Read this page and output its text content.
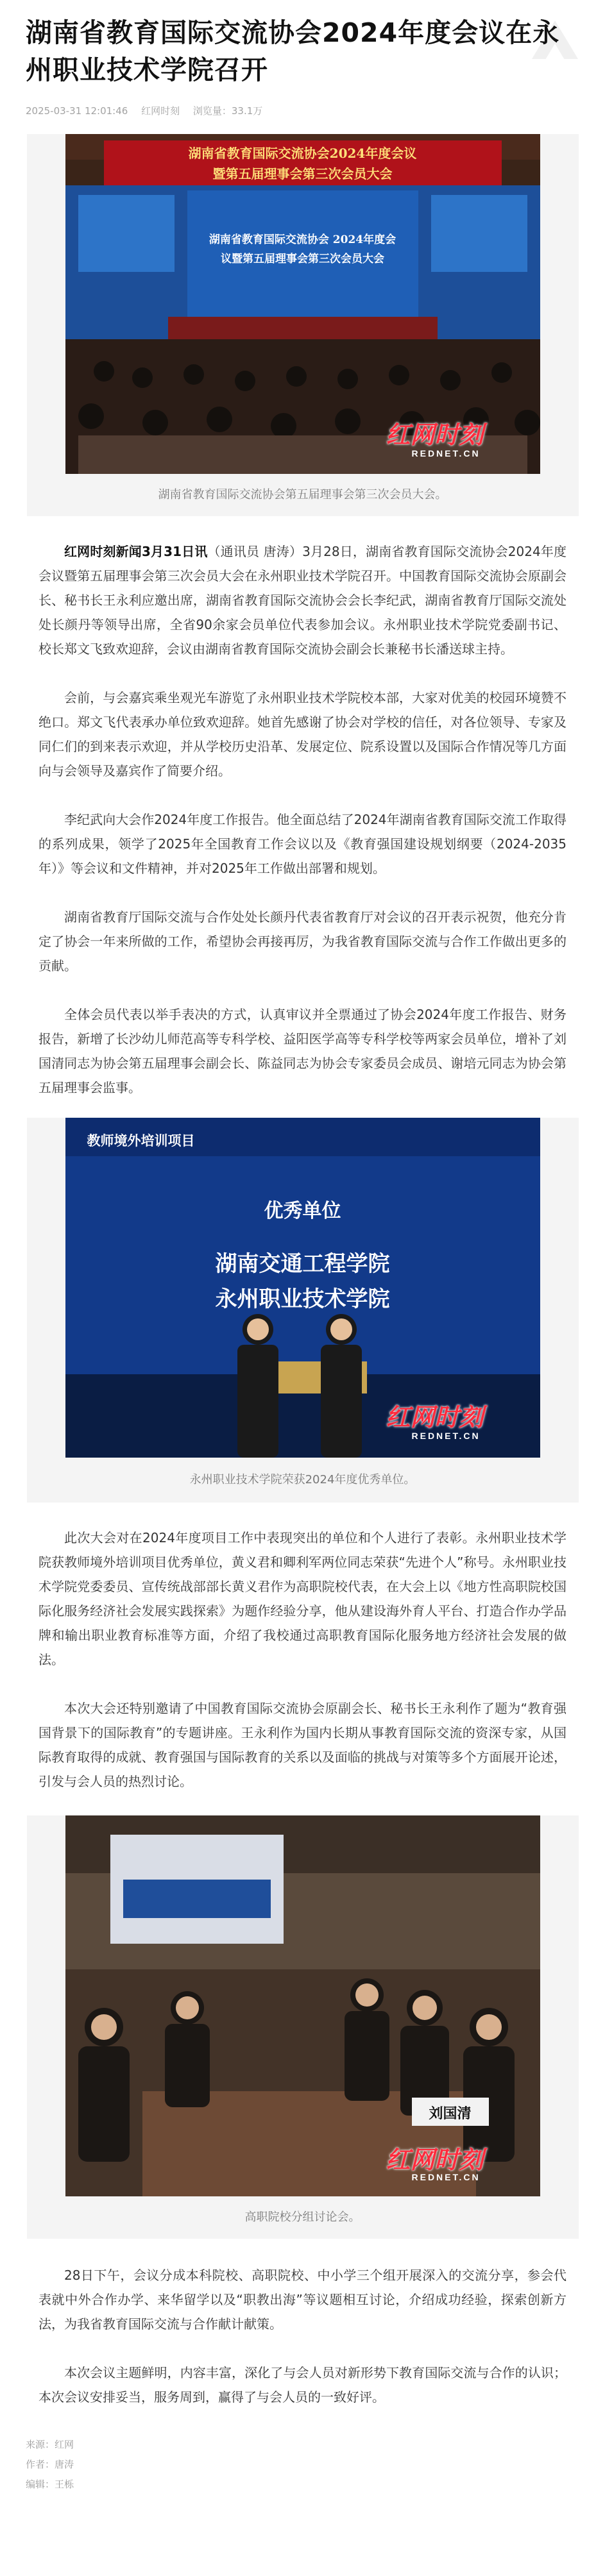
湖南省教育国际交流协会2024年度会议在永州职业技术学院召开
2025-03-31 12:01:46 红网时刻 浏览量：33.1万
湖南省教育国际交流协会2024年度会议
暨第五届理事会第三次会员大会
湖南省教育国际交流协会 2024年度会议暨第五届理事会第三次会员大会
红网时刻
REDNET.CN
湖南省教育国际交流协会第五届理事会第三次会员大会。

红网时刻新闻3月31日讯（通讯员 唐涛）3月28日，湖南省教育国际交流协会2024年度会议暨第五届理事会第三次会员大会在永州职业技术学院召开。中国教育国际交流协会原副会长、秘书长王永利应邀出席，湖南省教育国际交流协会会长李纪武，湖南省教育厅国际交流处处长颜丹等领导出席，全省90余家会员单位代表参加会议。永州职业技术学院党委副书记、校长郑文飞致欢迎辞，会议由湖南省教育国际交流协会副会长兼秘书长潘送球主持。

会前，与会嘉宾乘坐观光车游览了永州职业技术学院校本部，大家对优美的校园环境赞不绝口。郑文飞代表承办单位致欢迎辞。她首先感谢了协会对学校的信任，对各位领导、专家及同仁们的到来表示欢迎，并从学校历史沿革、发展定位、院系设置以及国际合作情况等几方面向与会领导及嘉宾作了简要介绍。

李纪武向大会作2024年度工作报告。他全面总结了2024年湖南省教育国际交流工作取得的系列成果，领学了2025年全国教育工作会议以及《教育强国建设规划纲要（2024-2035年）》等会议和文件精神，并对2025年工作做出部署和规划。

湖南省教育厅国际交流与合作处处长颜丹代表省教育厅对会议的召开表示祝贺，他充分肯定了协会一年来所做的工作，希望协会再接再厉，为我省教育国际交流与合作工作做出更多的贡献。

全体会员代表以举手表决的方式，认真审议并全票通过了协会2024年度工作报告、财务报告，新增了长沙幼儿师范高等专科学校、益阳医学高等专科学校等两家会员单位，增补了刘国清同志为协会第五届理事会副会长、陈益同志为协会专家委员会成员、谢培元同志为协会第五届理事会监事。

教师境外培训项目
优秀单位
湖南交通工程学院
永州职业技术学院
红网时刻
REDNET.CN
永州职业技术学院荣获2024年度优秀单位。

此次大会对在2024年度项目工作中表现突出的单位和个人进行了表彰。永州职业技术学院获教师境外培训项目优秀单位，黄义君和卿利军两位同志荣获“先进个人”称号。永州职业技术学院党委委员、宣传统战部部长黄义君作为高职院校代表，在大会上以《地方性高职院校国际化服务经济社会发展实践探索》为题作经验分享，他从建设海外育人平台、打造合作办学品牌和输出职业教育标准等方面，介绍了我校通过高职教育国际化服务地方经济社会发展的做法。

本次大会还特别邀请了中国教育国际交流协会原副会长、秘书长王永利作了题为“教育强国背景下的国际教育”的专题讲座。王永利作为国内长期从事教育国际交流的资深专家，从国际教育取得的成就、教育强国与国际教育的关系以及面临的挑战与对策等多个方面展开论述，引发与会人员的热烈讨论。

刘国清
红网时刻
REDNET.CN
高职院校分组讨论会。

28日下午，会议分成本科院校、高职院校、中小学三个组开展深入的交流分享，参会代表就中外合作办学、来华留学以及“职教出海”等议题相互讨论，介绍成功经验，探索创新方法，为我省教育国际交流与合作献计献策。

本次会议主题鲜明，内容丰富，深化了与会人员对新形势下教育国际交流与合作的认识；本次会议安排妥当，服务周到，赢得了与会人员的一致好评。

来源：红网
作者：唐涛
编辑：王栎
